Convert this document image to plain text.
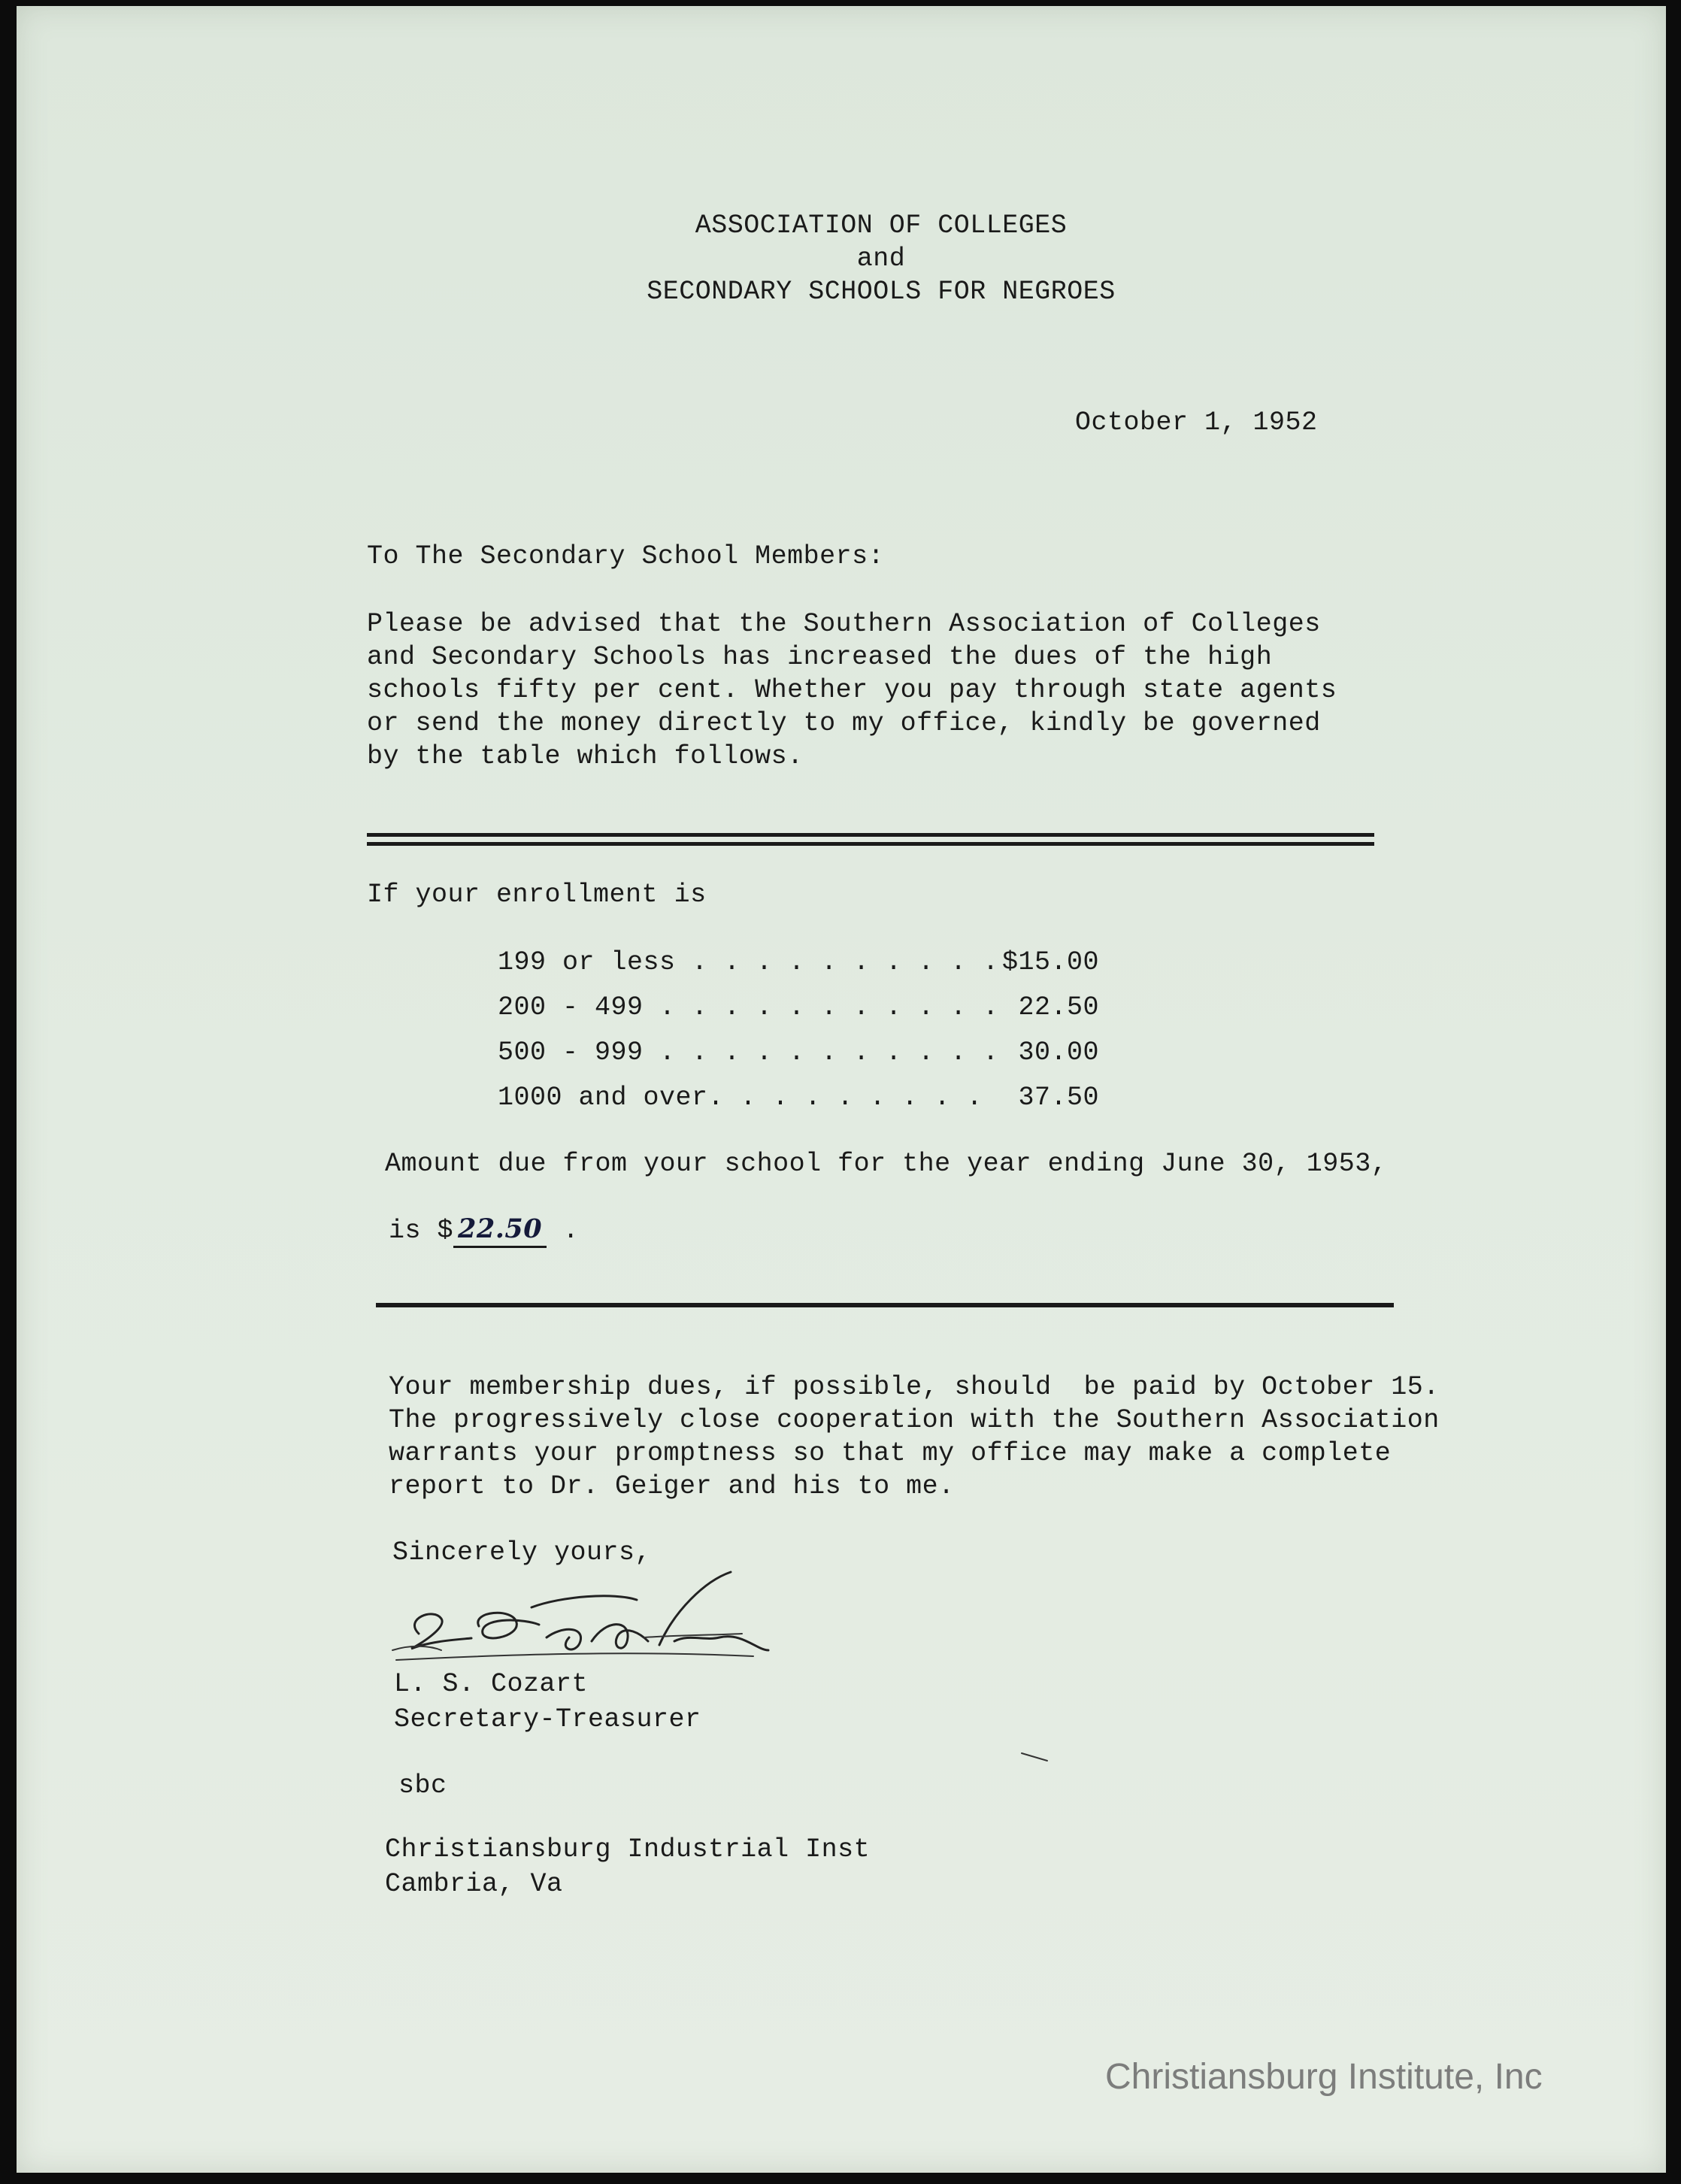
ASSOCIATION OF COLLEGES
and
SECONDARY SCHOOLS FOR NEGROES

October 1, 1952

To The Secondary School Members:

Please be advised that the Southern Association of Colleges
and Secondary Schools has increased the dues of the high
schools fifty per cent. Whether you pay through state agents
or send the money directly to my office, kindly be governed
by the table which follows.

If your enrollment is

199 or less . . . . . . . . . . $15.00
200 - 499 . . . . . . . . . . . 22.50
500 - 999 . . . . . . . . . . . 30.00
1000 and over. . . . . . . . .	37.50

Amount due from your school for the year ending June 30, 1953,

is $ 22.50 .

Your membership dues, if possible, should  be paid by October 15.
The progressively close cooperation with the Southern Association
warrants your promptness so that my office may make a complete
report to Dr. Geiger and his to me.

Sincerely yours,

L. S. Cozart

Secretary-Treasurer

sbc

Christiansburg Industrial Inst

Cambria, Va

Christiansburg Institute, Inc
